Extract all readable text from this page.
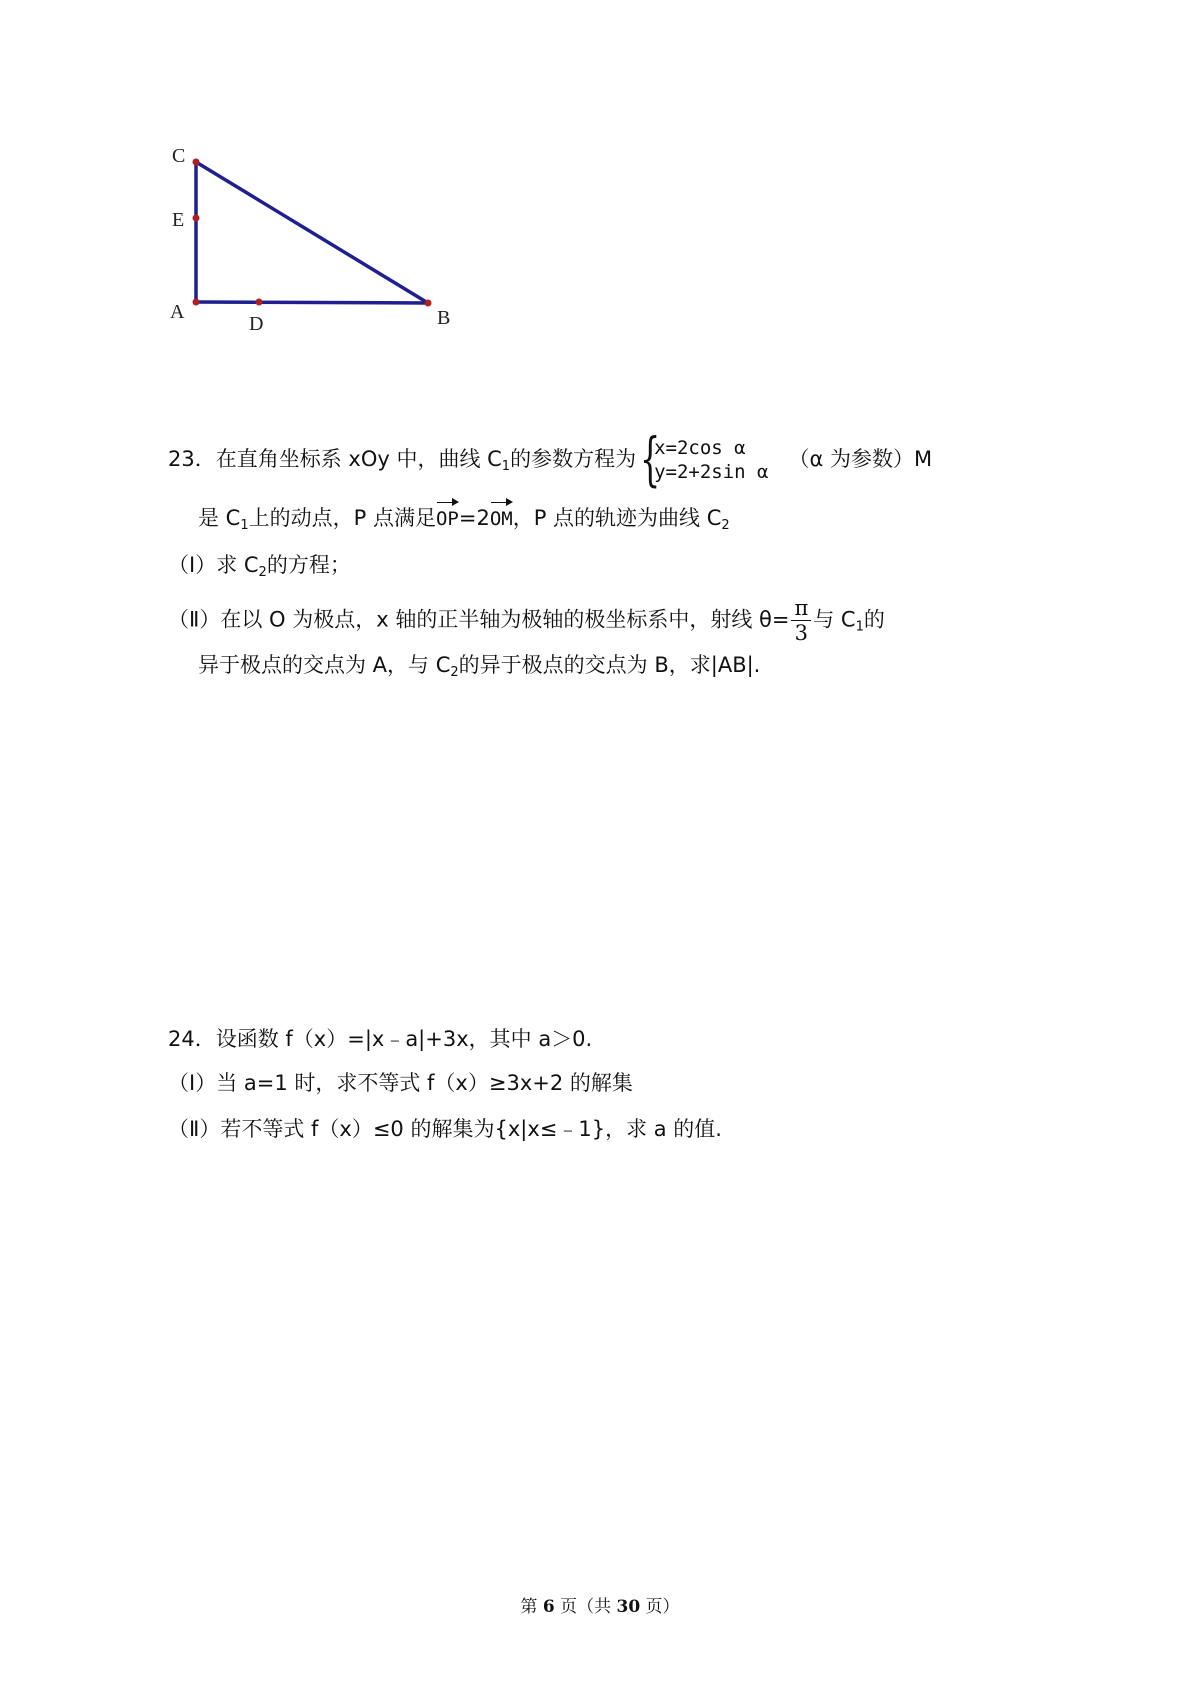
C
E
A
D	B
23．在直角坐标系 xOy 中，曲线 $C_1$的参数方程为 {
x=2cos α
y=2+2sin α
（α 为参数）M
是 $C_1$上的动点，P 点满足OP=2OM，P 点的轨迹为曲线 $C_2$
（Ⅰ）求 $C_2$的方程；
（Ⅱ）在以 O 为极点，x 轴的正半轴为极轴的极坐标系中，射线 $\theta= \frac{\pi}{3}$ 与 $C_1$的
异于极点的交点为 A，与 $C_2$的异于极点的交点为 B，求|AB|.
24．设函数 f（x）=|x﹣a|+3x，其中 a＞0.
（Ⅰ）当 a=1 时，求不等式 f（x）≥3x+2 的解集
（Ⅱ）若不等式 f（x）≤0 的解集为{x|x≤﹣1}，求 a 的值.
第 6 页（共 30 页）
